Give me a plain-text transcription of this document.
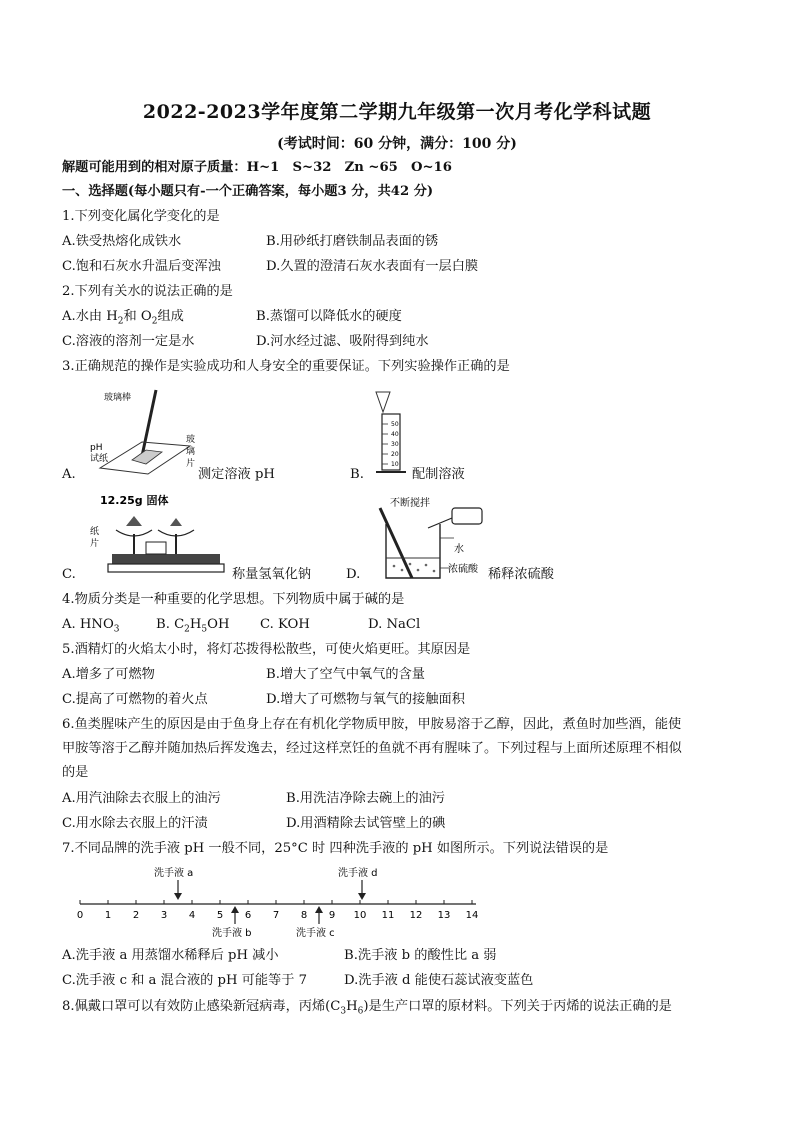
2022-2023学年度第二学期九年级第一次月考化学科试题
(考试时间：60 分钟，满分：100 分)
解题可能用到的相对原子质量：H~1　S~32　Zn ~65　O~16
一、选择题(每小题只有-一个正确答案，每小题3 分，共42 分)
1.下列变化属化学变化的是
A.铁受热熔化成铁水	B.用砂纸打磨铁制品表面的锈
C.饱和石灰水升温后变浑浊	D.久置的澄清石灰水表面有一层白膜
2.下列有关水的说法正确的是
A.水由 $H_2$和 $O_2$组成	B.蒸馏可以降低水的硬度
C.溶液的溶剂一定是水	D.河水经过滤、吸附得到纯水
3.正确规范的操作是实验成功和人身安全的重要保证。下列实验操作正确的是
玻璃棒
pH
试纸
玻
璃
片
A.	测定溶液 pH
50
40
30
20
10
B.	配制溶液
12.25g 固体
纸
片
C.	称量氢氧化钠
不断搅拌
水
浓硫酸
D.	稀释浓硫酸
4.物质分类是一种重要的化学思想。下列物质中属于碱的是
A. $HNO_3$	B. $C_2H_5OH$ C. KOH	D. NaCl
5.酒精灯的火焰太小时，将灯芯拨得松散些，可使火焰更旺。其原因是
A.增多了可燃物	B.增大了空气中氧气的含量
C.提高了可燃物的着火点	D.增大了可燃物与氧气的接触面积
6.鱼类腥味产生的原因是由于鱼身上存在有机化学物质甲胺，甲胺易溶于乙醇，因此，煮鱼时加些酒，能使
甲胺等溶于乙醇并随加热后挥发逸去，经过这样烹饪的鱼就不再有腥味了。下列过程与上面所述原理不相似
的是
A.用汽油除去衣服上的油污	B.用洗洁净除去碗上的油污
C.用水除去衣服上的汗渍	D.用酒精除去试管壁上的碘
7.不同品牌的洗手液 pH 一般不同，25°C 时 四种洗手液的 pH 如图所示。下列说法错误的是
0 1 2 3 4 5 6 7 8 9 10 11 12 13 14
洗手液 a	洗手液 d
洗手液 b	洗手液 c
A.洗手液 a 用蒸馏水稀释后 pH 减小	B.洗手液 b 的酸性比 a 弱
C.洗手液 c 和 a 混合液的 pH 可能等于 7	D.洗手液 d 能使石蕊试液变蓝色
8.佩戴口罩可以有效防止感染新冠病毒，丙烯$(C_3H_6)$是生产口罩的原材料。下列关于丙烯的说法正确的是
